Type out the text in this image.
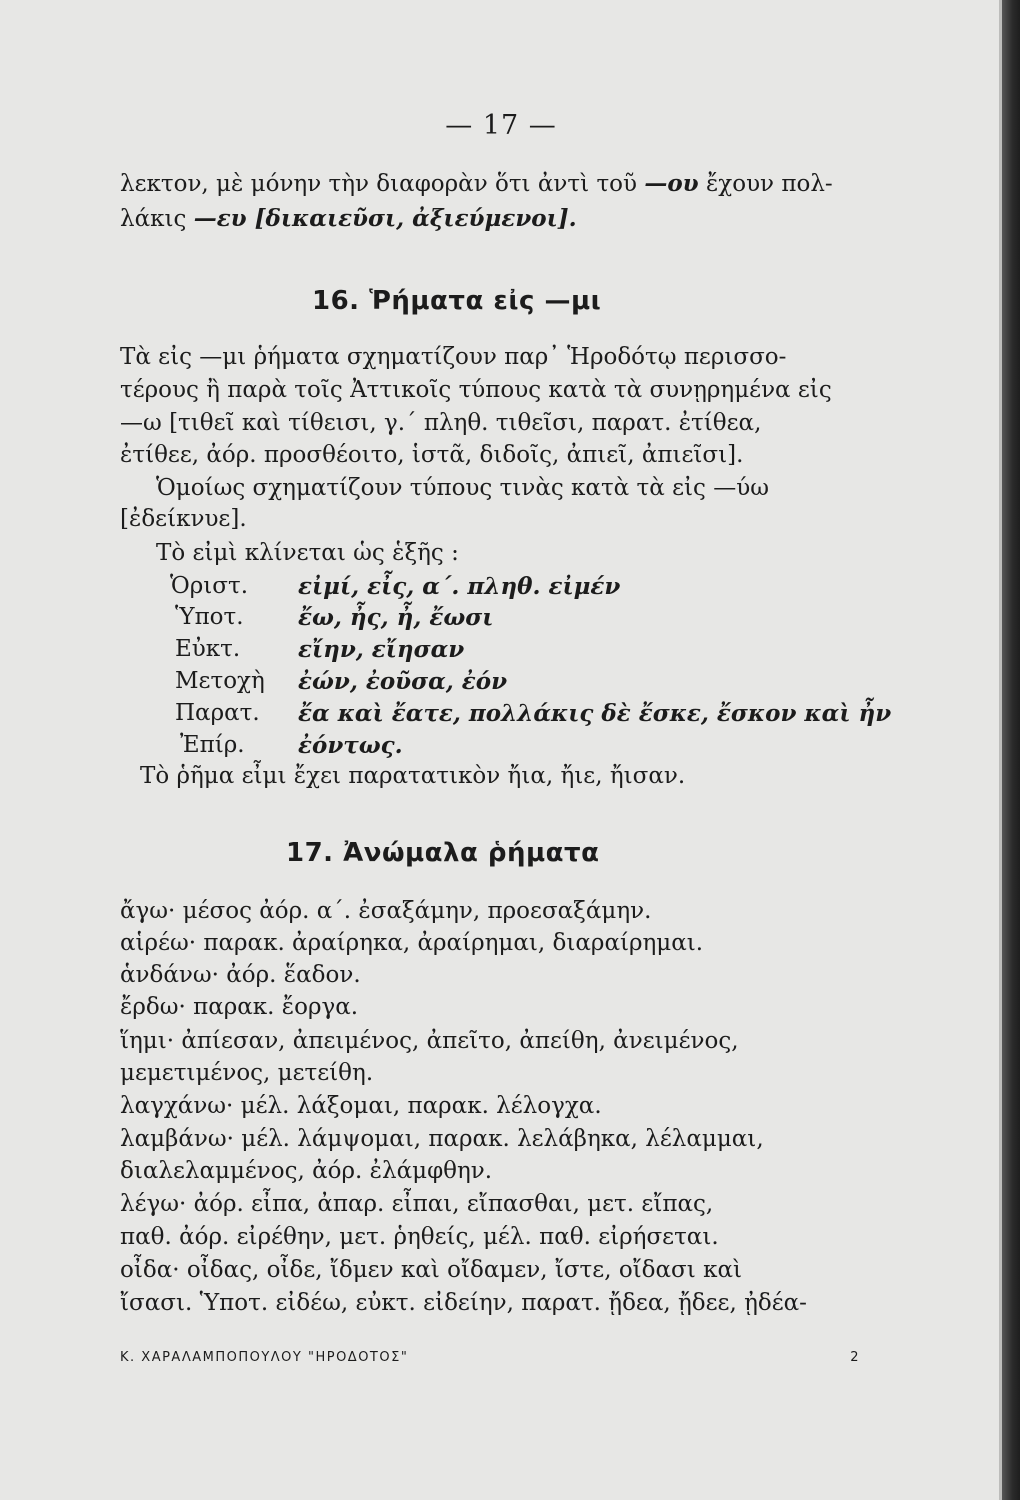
— 17 —
λεκτον, μὲ μόνην τὴν διαφορὰν ὅτι ἀντὶ τοῦ —ου ἔχουν πολ-
λάκις —ευ [δικαιεῦσι, ἀξιεύμενοι].
16. Ῥήματα εἰς —μι
Τὰ εἰς —μι ῥήματα σχηματίζουν παρ᾽ Ἡροδότῳ περισσο-
τέρους ἢ παρὰ τοῖς Ἀττικοῖς τύπους κατὰ τὰ συνῃρημένα εἰς
—ω [τιθεῖ καὶ τίθεισι, γ.´ πληθ. τιθεῖσι, παρατ. ἐτίθεα,
ἐτίθεε, ἀόρ. προσθέοιτο, ἱστᾶ, διδοῖς, ἀπιεῖ, ἀπιεῖσι].
Ὁμοίως σχηματίζουν τύπους τινὰς κατὰ τὰ εἰς —ύω
[ἐδείκνυε].
Τὸ εἰμὶ κλίνεται ὡς ἑξῆς :
Ὁριστ. εἰμί, εἶς, α´. πληθ. εἰμέν
Ὑποτ. ἔω, ἦς, ἦ, ἔωσι
Εὐκτ.	εἴην, εἴησαν
Μετοχὴ ἐών, ἐοῦσα, ἐόν
Παρατ. ἔα καὶ ἔατε, πολλάκις δὲ ἔσκε, ἔσκον καὶ ἦν
Ἐπίρ. ἐόντως.
Τὸ ῥῆμα εἶμι ἔχει παρατατικὸν ἤια, ἤιε, ἤισαν.
17. Ἀνώμαλα ῥήματα
ἄγω· μέσος ἀόρ. α´. ἐσαξάμην, προεσαξάμην.
αἱρέω· παρακ. ἀραίρηκα, ἀραίρημαι, διαραίρημαι.
ἁνδάνω· ἀόρ. ἕαδον.
ἔρδω· παρακ. ἔοργα.
ἵημι· ἀπίεσαν, ἀπειμένος, ἀπεῖτο, ἀπείθη, ἀνειμένος,
μεμετιμένος, μετείθη.
λαγχάνω· μέλ. λάξομαι, παρακ. λέλογχα.
λαμβάνω· μέλ. λάμψομαι, παρακ. λελάβηκα, λέλαμμαι,
διαλελαμμένος, ἀόρ. ἐλάμφθην.
λέγω· ἀόρ. εἶπα, ἀπαρ. εἶπαι, εἴπασθαι, μετ. εἴπας,
παθ. ἀόρ. εἰρέθην, μετ. ῥηθείς, μέλ. παθ. εἰρήσεται.
οἶδα· οἶδας, οἶδε, ἴδμεν καὶ οἴδαμεν, ἴστε, οἴδασι καὶ
ἴσασι. Ὑποτ. εἰδέω, εὐκτ. εἰδείην, παρατ. ᾔδεα, ᾔδεε, ᾐδέα-
Κ. ΧΑΡΑΛΑΜΠΟΠΟΥΛΟΥ "ΗΡΟΔΟΤΟΣ"	2
